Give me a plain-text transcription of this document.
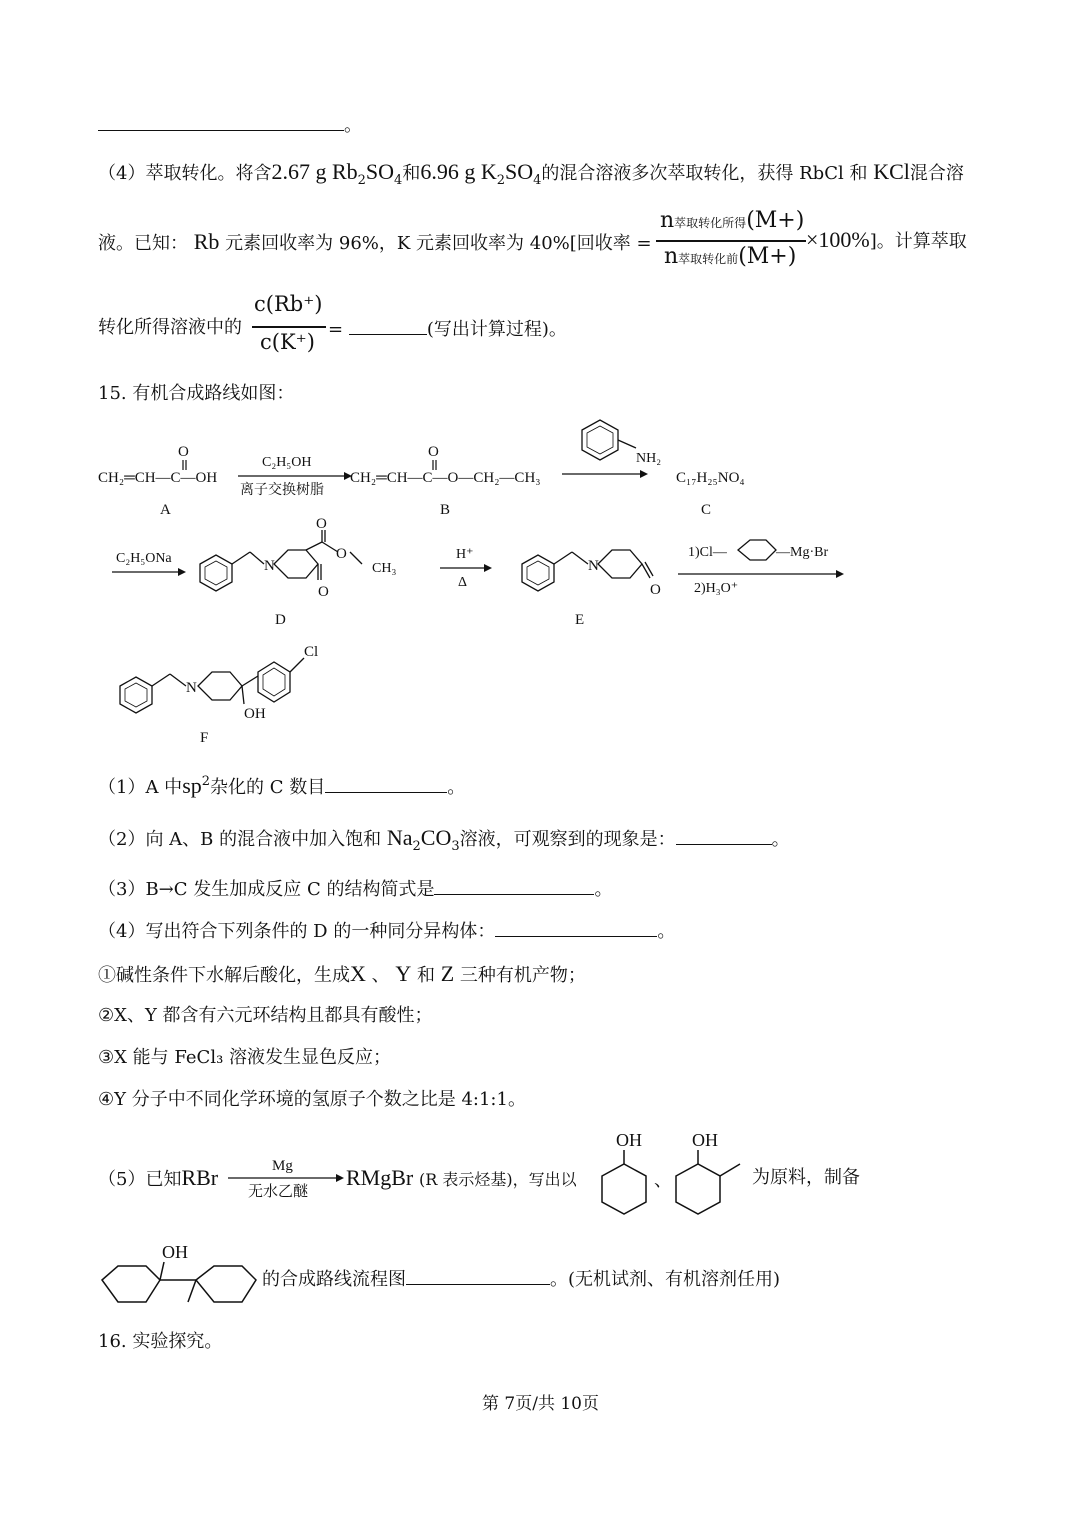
。
（4）萃取转化。将含2.67 g $Rb_2SO_4$和6.96 g $K_2SO_4$的混合溶液多次萃取转化，获得 RbCl 和 KCl混合溶
液。已知： Rb 元素回收率为 96%，K 元素回收率为 40%[回收率 =
n萃取转化所得(M+)
n萃取转化前(M+)
×100%]。计算萃取
转化所得溶液中的
c(Rb⁺)
c(K⁺)
=	(写出计算过程)。
15. 有机合成路线如图：
CH₂═CH—C—OH
O
A
C₂H₅OH
离子交换树脂
CH₂═CH—C—O—CH₂—CH₃
O
B
NH₂
C₁₇H₂₅NO₄
C
C₂H₅ONa	N
O
O
O
CH₃
D
H⁺
Δ
N
O
E
1)Cl—	—Mg·Br
2)H₃O⁺
N
OH
Cl
F
（1）A 中$sp^2$杂化的 C 数目	。
（2）向 A、B 的混合液中加入饱和 $Na_2CO_3$溶液，可观察到的现象是：	。
（3）B→C 发生加成反应 C 的结构简式是	。
（4）写出符合下列条件的 D 的一种同分异构体：	。
①碱性条件下水解后酸化，生成X 、 Y 和 Z 三种有机产物；
②X、Y 都含有六元环结构且都具有酸性；
③X 能与 FeCl₃ 溶液发生显色反应；
④Y 分子中不同化学环境的氢原子个数之比是 4:1:1。
（5）已知RBr	Mg
无水乙醚
RMgBr (R 表示烃基)，写出以
OH
、
OH
为原料，制备
OH
的合成路线流程图	。(无机试剂、有机溶剂任用)
16. 实验探究。
第 7页/共 10页
